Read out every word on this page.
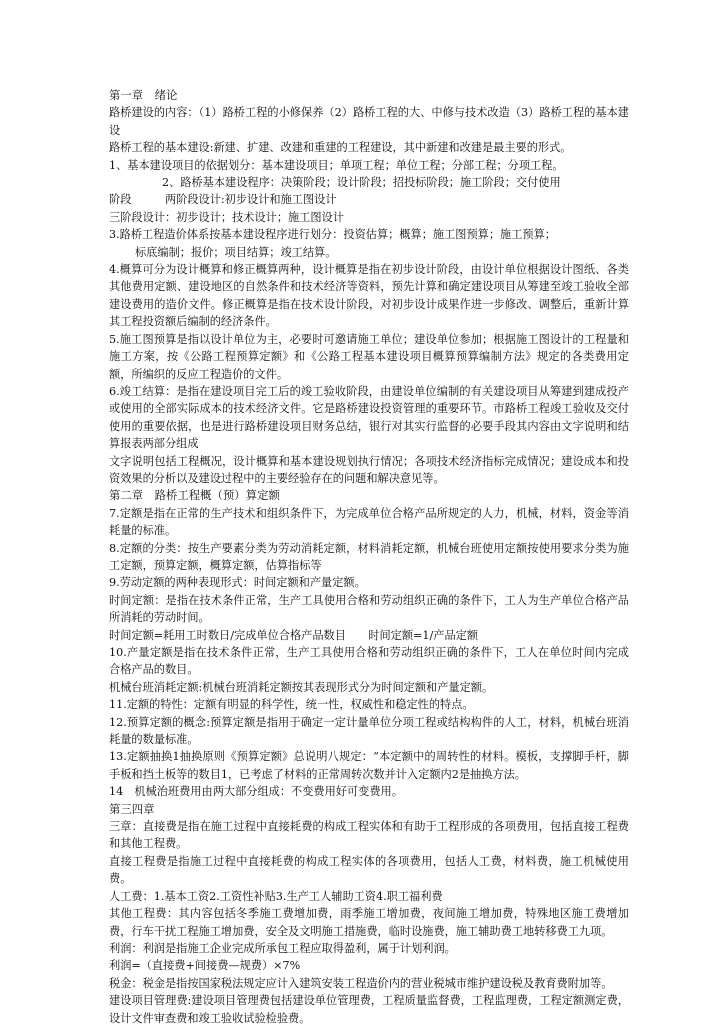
第一章　绪论

路桥建设的内容：（1）路桥工程的小修保养（2）路桥工程的大、中修与技术改造（3）路桥工程的基本建设

路桥工程的基本建设:新建、扩建、改建和重建的工程建设，其中新建和改建是最主要的形式。

1、基本建设项目的依据划分：基本建设项目；单项工程；单位工程；分部工程；分项工程。

2、路桥基本建设程序：决策阶段；设计阶段；招投标阶段；施工阶段；交付使用

阶段　　　两阶段设计:初步设计和施工图设计

三阶段设计：初步设计；技术设计；施工图设计

3.路桥工程造价体系按基本建设程序进行划分：投资估算；概算；施工图预算；施工预算；

标底编制；报价；项目结算；竣工结算。

4.概算可分为设计概算和修正概算两种，设计概算是指在初步设计阶段，由设计单位根据设计图纸、各类其他费用定额、建设地区的自然条件和技术经济等资料，预先计算和确定建设项目从筹建至竣工验收全部建设费用的造价文件。修正概算是指在技术设计阶段，对初步设计成果作进一步修改、调整后，重新计算其工程投资额后编制的经济条件。

5.施工图预算是指以设计单位为主，必要时可邀请施工单位；建设单位参加；根据施工图设计的工程量和施工方案，按《公路工程预算定额》和《公路工程基本建设项目概算预算编制方法》规定的各类费用定额，所编织的反应工程造价的文件。

6.竣工结算：是指在建设项目完工后的竣工验收阶段，由建设单位编制的有关建设项目从筹建到建成投产或使用的全部实际成本的技术经济文件。它是路桥建设投资管理的重要环节。市路桥工程竣工验收及交付使用的重要依据，也是进行路桥建设项目财务总结，银行对其实行监督的必要手段其内容由文字说明和结算报表两部分组成

文字说明包括工程概况，设计概算和基本建设规划执行情况；各项技术经济指标完成情况；建设成本和投资效果的分析以及建设过程中的主要经验存在的问题和解决意见等。

第二章　路桥工程概（预）算定额

7.定额是指在正常的生产技术和组织条件下，为完成单位合格产品所规定的人力，机械，材料，资金等消耗量的标准。

8.定额的分类：按生产要素分类为劳动消耗定额，材料消耗定额，机械台班使用定额按使用要求分类为施工定额，预算定额，概算定额，估算指标等

9.劳动定额的两种表现形式：时间定额和产量定额。

时间定额：是指在技术条件正常，生产工具使用合格和劳动组织正确的条件下，工人为生产单位合格产品所消耗的劳动时间。

时间定额=耗用工时数日/完成单位合格产品数目　　时间定额=1/产品定额

10.产量定额是指在技术条件正常，生产工具使用合格和劳动组织正确的条件下，工人在单位时间内完成合格产品的数目。

机械台班消耗定额:机械台班消耗定额按其表现形式分为时间定额和产量定额。

11.定额的特性：定额有明显的科学性，统一性，权威性和稳定性的特点。

12.预算定额的概念:预算定额是指用于确定一定计量单位分项工程或结构构件的人工，材料，机械台班消耗量的数量标准。

13.定额抽换1抽换原则《预算定额》总说明八规定：“本定额中的周转性的材料。模板，支撑脚手杆，脚手板和挡土板等的数目1，已考虑了材料的正常周转次数并计入定额内2是抽换方法。

14　机械治班费用由两大部分组成：不变费用好可变费用。

第三四章

三章：直接费是指在施工过程中直接耗费的构成工程实体和有助于工程形成的各项费用，包括直接工程费和其他工程费。

直接工程费是指施工过程中直接耗费的构成工程实体的各项费用，包括人工费，材料费，施工机械使用费。

人工费：1.基本工资2.工资性补贴3.生产工人辅助工资4.职工福利费

其他工程费：其内容包括冬季施工费增加费，雨季施工增加费，夜间施工增加费，特殊地区施工费增加费，行车干扰工程施工增加费，安全及文明施工措施费，临时设施费，施工辅助费工地转移费工九项。

利润：利润是指施工企业完成所承包工程应取得盈利，属于计划利润。

利润=（直接费+间接费—规费）×7%

税金：税金是指按国家税法规定应计入建筑安装工程造价内的营业税城市维护建设税及教育费附加等。

建设项目管理费:建设项目管理费包括建设单位管理费，工程质量监督费，工程监理费，工程定额测定费，设计文件审查费和竣工验收试验检验费。
